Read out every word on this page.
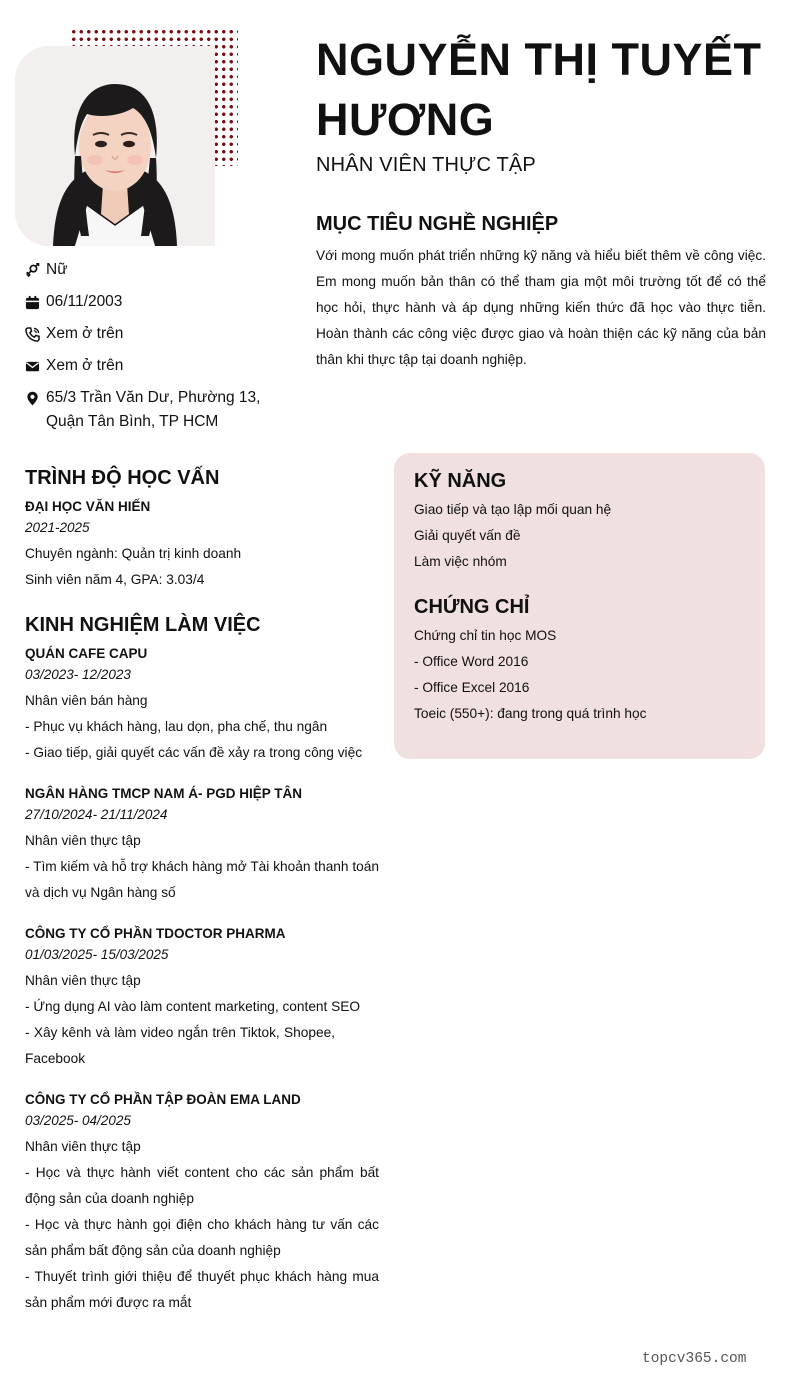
Nữ
06/11/2003
Xem ở trên
Xem ở trên
65/3 Trần Văn Dư, Phường 13,
Quận Tân Bình, TP HCM
NGUYỄN THỊ TUYẾT HƯƠNG
NHÂN VIÊN THỰC TẬP
MỤC TIÊU NGHỀ NGHIỆP
Với mong muốn phát triển những kỹ năng và hiểu biết thêm về công việc. Em mong muốn bản thân có thể tham gia một môi trường tốt để có thể học hỏi, thực hành và áp dụng những kiến thức đã học vào thực tiễn. Hoàn thành các công việc được giao và hoàn thiện các kỹ năng của bản thân khi thực tập tại doanh nghiệp.
TRÌNH ĐỘ HỌC VẤN
ĐẠI HỌC VĂN HIẾN
2021-2025
Chuyên ngành: Quản trị kinh doanh
Sinh viên năm 4, GPA: 3.03/4
KINH NGHIỆM LÀM VIỆC
QUÁN CAFE CAPU
03/2023- 12/2023
Nhân viên bán hàng
- Phục vụ khách hàng, lau dọn, pha chế, thu ngân
- Giao tiếp, giải quyết các vấn đề xảy ra trong công việc
NGÂN HÀNG TMCP NAM Á- PGD HIỆP TÂN
27/10/2024- 21/11/2024
Nhân viên thực tập
- Tìm kiếm và hỗ trợ khách hàng mở Tài khoản thanh toán và dịch vụ Ngân hàng số
CÔNG TY CỔ PHẦN TDOCTOR PHARMA
01/03/2025- 15/03/2025
Nhân viên thực tập
- Ứng dụng AI vào làm content marketing, content SEO
- Xây kênh và làm video ngắn trên Tiktok, Shopee, Facebook
CÔNG TY CỔ PHẦN TẬP ĐOÀN EMA LAND
03/2025- 04/2025
Nhân viên thực tập
- Học và thực hành viết content cho các sản phẩm bất động sản của doanh nghiệp
- Học và thực hành gọi điện cho khách hàng tư vấn các sản phẩm bất động sản của doanh nghiệp
- Thuyết trình giới thiệu để thuyết phục khách hàng mua sản phẩm mới được ra mắt
KỸ NĂNG
Giao tiếp và tạo lập mối quan hệ
Giải quyết vấn đề
Làm việc nhóm
CHỨNG CHỈ
Chứng chỉ tin học MOS
- Office Word 2016
- Office Excel 2016
Toeic (550+): đang trong quá trình học
topcv365.com
